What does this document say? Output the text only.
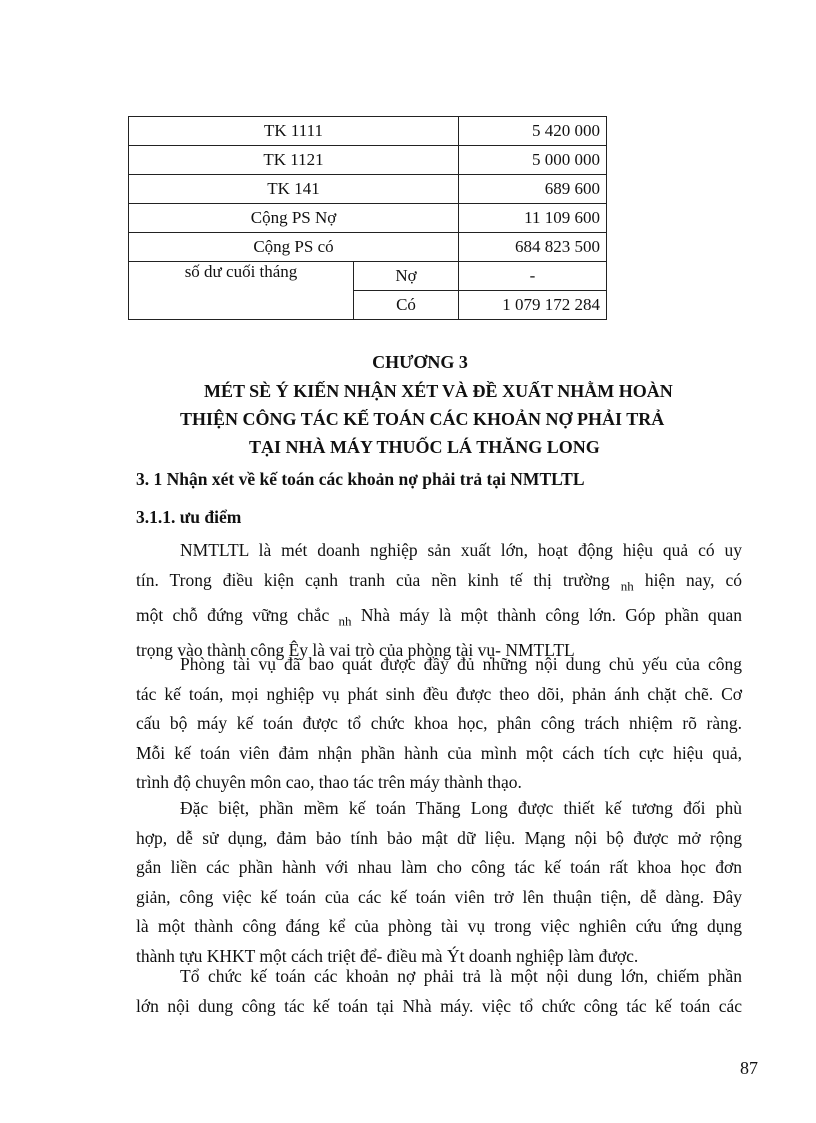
TK 1111		5 420 000
TK 1121		5 000 000
TK 141		689 600
Cộng PS Nợ		11 109 600
Cộng PS có		684 823 500
số dư cuối tháng	Nợ	-
	Có	1 079 172 284
CHƯƠNG 3
MÉT SÈ Ý KIẾN NHẬN XÉT VÀ ĐỀ XUẤT NHẰM HOÀN
THIỆN CÔNG TÁC KẾ TOÁN CÁC KHOẢN NỢ PHẢI TRẢ
TẠI NHÀ MÁY THUỐC LÁ THĂNG LONG
3. 1 Nhận xét về kế toán các khoản nợ phải trả tại NMTLTL
3.1.1. ưu điểm
NMTLTL là mét doanh nghiệp sản xuất lớn, hoạt động hiệu quả có uy
tín. Trong điều kiện cạnh tranh của nền kinh tế thị trường $_{nh}$ hiện nay, có
một chỗ đứng vững chắc $_{nh}$ Nhà máy là một thành công lớn. Góp phần quan
trọng vào thành công Êy là vai trò của phòng tài vụ- NMTLTL
Phòng tài vụ đã bao quát được đầy đủ những nội dung chủ yếu của công
tác kế toán, mọi nghiệp vụ phát sinh đều được theo dõi, phản ánh chặt chẽ. Cơ
cấu bộ máy kế toán được tổ chức khoa học, phân công trách nhiệm rõ ràng.
Mỗi kế toán viên đảm nhận phần hành của mình một cách tích cực hiệu quả,
trình độ chuyên môn cao, thao tác trên máy thành thạo.
Đặc biệt, phần mềm kế toán Thăng Long được thiết kế tương đối phù
hợp, dễ sử dụng, đảm bảo tính bảo mật dữ liệu. Mạng nội bộ được mở rộng
gắn liền các phần hành với nhau làm cho công tác kế toán rất khoa học đơn
giản, công việc kế toán của các kế toán viên trở lên thuận tiện, dễ dàng. Đây
là một thành công đáng kể của phòng tài vụ trong việc nghiên cứu ứng dụng
thành tựu KHKT một cách triệt để- điều mà Ýt doanh nghiệp làm được.
Tổ chức kế toán các khoản nợ phải trả là một nội dung lớn, chiếm phần
lớn nội dung công tác kế toán tại Nhà máy. việc tổ chức công tác kế toán các
87
